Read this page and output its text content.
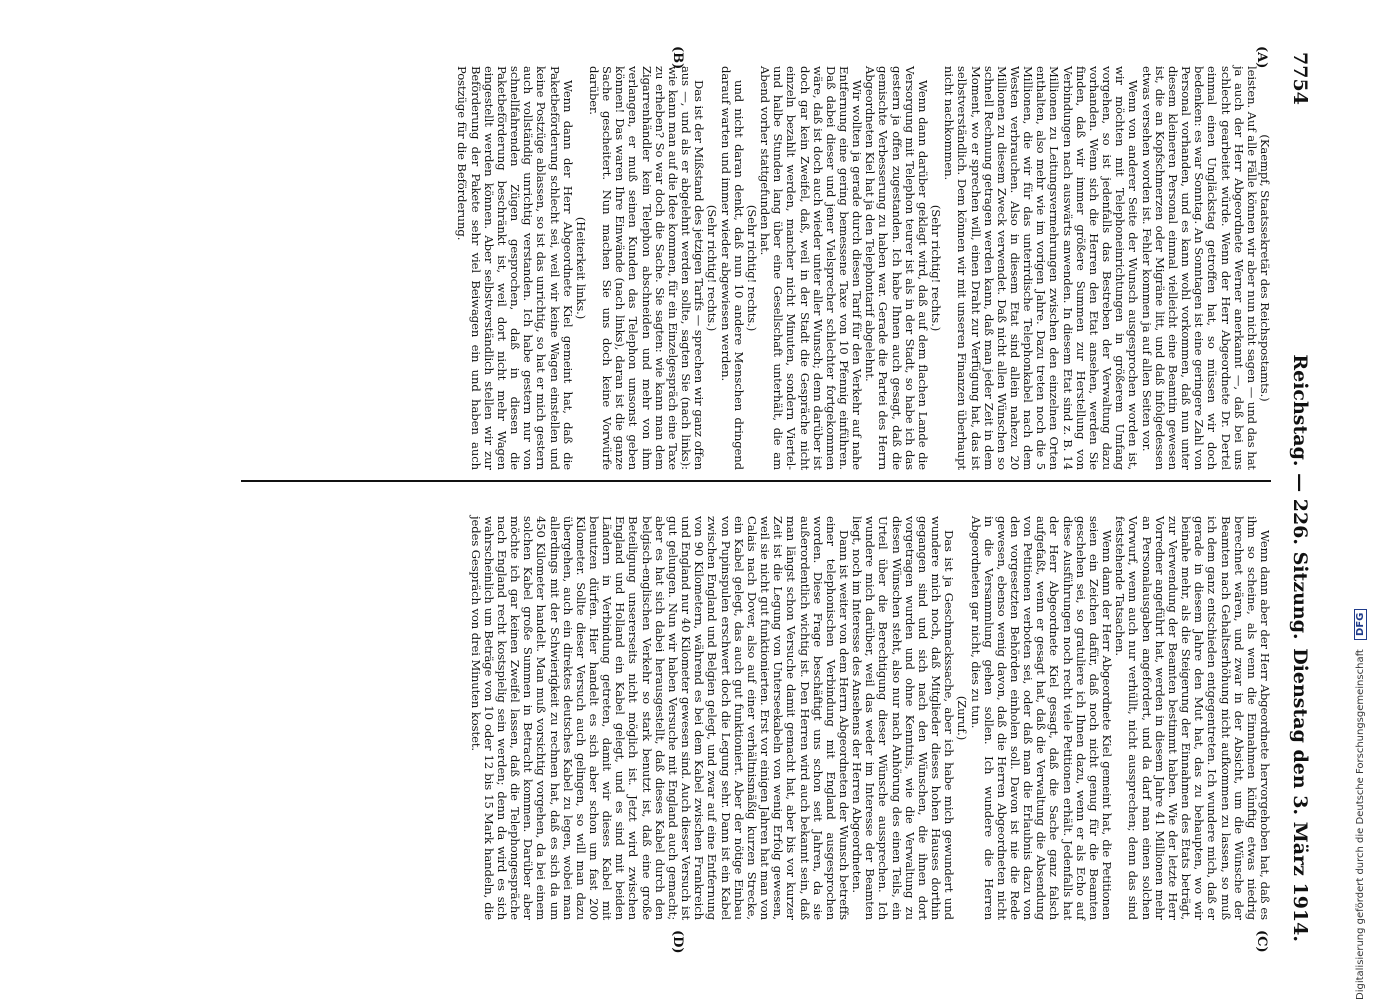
7754
Reichstag. — 226. Sitzung.
Dienstag den 3. März 1914.
(A)
(B)
(C)
(D)

(Kaempf, Staatssekretär des Reichspostamts.)

leisten. Auf alle Fälle können wir aber nun nicht sagen — und das hat ja auch der Herr Abgeordnete Werner anerkannt —, daß bei uns schlecht gearbeitet würde. Wenn der Herr Abgeordnete Dr. Dertel einmal einen Ungläckstag getroffen hat, so müssen wir doch bedenken: es war Sonntag. An Sonntagen ist eine geringere Zahl von Personal vorhanden, und es kann wohl vorkommen, daß nun unter diesem kleineren Personal einmal vielleicht eine Beamtin gewesen ist, die an Kopfschmerzen oder Migräne litt, und daß infolgedessen etwas versehen worden ist. Fehler kommen ja auf allen Seiten vor.

Wenn von anderer Seite der Wunsch ausgesprochen worden ist, wir möchten mit Telephoneinrichtungen in größerem Umfang vorgehen, so ist jedenfalls das Bestreben der Verwaltung dazu vorhanden. Wenn sich die Herren den Etat ansehen, werden Sie finden, daß wir immer größere Summen zur Herstellung von Verbindungen nach auswärts anwenden. In diesem Etat sind z. B. 14 Millionen zu Leitungsvermehrungen zwischen den einzelnen Orten enthalten, also mehr wie im vorigen Jahre. Dazu treten noch die 5 Millionen, die wir für das unterirdische Telephonkabel nach dem Westen verbrauchen. Also in diesem Etat sind allein nahezu 20 Millionen zu diesem Zweck verwendet. Daß nicht allen Wünschen so schnell Rechnung getragen werden kann, daß man jeder Zeit in dem Moment, wo er sprechen will, einen Draht zur Verfügung hat, das ist selbstverständlich. Dem können wir mit unseren Finanzen überhaupt nicht nachkommen.

(Sehr richtig! rechts.)

Wenn dann darüber geklagt wird, daß auf dem flachen Lande die Versorgung mit Telephon teurer ist als in der Stadt, so habe ich das gestern ja offen zugestanden. Ich habe Ihnen auch gesagt, daß die gemischte Verbesserung zu haben war. Gerade die Partei des Herrn Abgeordneten Kiel hat ja den Telephontarif abgelehnt.

Wir wollten ja gerade durch diesen Tarif für den Verkehr auf nahe Entfernung eine gering bemessene Taxe von 10 Pfennig einführen. Daß dabei dieser und jener Vielsprecher schlechter fortgekommen wäre, daß ist doch auch wieder unter aller Wunsch; denn darüber ist doch gar kein Zweifel, daß, weil in der Stadt die Gespräche nicht einzeln bezahlt werden, mancher nicht Minuten, sondern Viertel- und halbe Stunden lang über eine Gesellschaft unterhält, die am Abend vorher stattgefunden hat.

(Sehr richtig! rechts.)

und nicht daran denkt, daß nun 10 andere Menschen dringend darauf warten und immer wieder abgewiesen werden.

(Sehr richtig! rechts.)

Das ist der Mißstand des jetzigen Tarifs — sprechen wir ganz offen aus —, und als er abgelehnt werden sollte, sagten Sie (nach links): wie kann man auf die Idee kommen, für ein Einzelgespräch eine Taxe zu erheben? So war doch die Sache. Sie sagten: wie kann man dem Zigarrenhändler kein Telephon abschneiden und mehr von ihm verlangen, er muß seinen Kunden das Telephon umsonst geben können! Das waren Ihre Einwände (nach links), daran ist die ganze Sache gescheitert. Nun machen Sie uns doch keine Vorwürfe darüber.

(Heiterkeit links.)

Wenn dann der Herr Abgeordnete Kiel gemeint hat, daß die Paketbeförderung schlecht sei, weil wir keine Wagen einstellen und keine Postzüge ablassen, so ist das unrichtig, so hat er mich gestern auch vollständig unrichtig verstanden. Ich habe gestern nur von schnellfahrenden Zügen gesprochen, daß in diesen die Paketbeförderung beschränkt ist, weil dort nicht mehr Wagen eingestellt werden können. Aber selbstverständlich stellen wir zur Beförderung der Pakete sehr viel Beiwagen ein und haben auch Postzüge für die Beförderung.

Wenn dann aber der Herr Abgeordnete hervorgehoben hat, daß es ihm so scheine, als wenn die Einnahmen künftig etwas niedrig berechnet wären, und zwar in der Absicht, um die Wünsche der Beamten nach Gehaltserhöhung nicht aufkommen zu lassen, so muß ich dem ganz entschieden entgegentreten. Ich wundere mich, daß er gerade in diesem Jahre den Mut hat, das zu behaupten, wo wir beinahe mehr, als die Steigerung der Einnahmen des Etats beträgt, zur Verwendung der Beamten bestimmt haben. Wie der letzte Herr Vorredner angeführt hat, werden in diesem Jahre 41 Millionen mehr an Personalausgaben angefordert, und da darf man einen solchen Vorwurf, wenn auch nur verhüllt, nicht aussprechen; denn das sind feststehende Tatsachen.

Wenn dann der Herr Abgeordnete Kiel gemeint hat, die Petitionen seien ein Zeichen dafür, daß noch nicht genug für die Beamten geschehen sei, so gratuliere ich Ihnen dazu, wenn er als Echo auf diese Ausführungen noch recht viele Petitionen erhält. Jedenfalls hat der Herr Abgeordnete Kiel gesagt, daß die Sache ganz falsch aufgefaßt, wenn er gesagt hat, daß die Verwaltung die Absendung von Petitionen verboten sei, oder daß man die Erlaubnis dazu von den vorgesetzten Behörden einholen soll. Davon ist nie die Rede gewesen, ebenso wenig davon, daß die Herren Abgeordneten nicht in die Versammlung gehen sollen. Ich wundere die Herren Abgeordneten gar nicht, dies zu tun.

(Zuruf.)

Das ist ja Geschmackssache, aber ich habe mich gewundert und wundere mich noch, daß Mitglieder dieses hohen Hauses dorthin gegangen sind und sich nach den Wünschen, die ihnen dort vorgetragen wurden und ohne Kenntnis, wie die Verwaltung zu diesen Wünschen steht, also nur nach Anhörung des einen Teils, ein Urteil über die Berechtigung dieser Wünsche aussprechen. Ich wundere mich darüber, weil das weder im Interesse der Beamten liegt, noch im Interesse des Ansehens der Herren Abgeordneten.

Dann ist weiter von dem Herrn Abgeordneten der Wunsch betreffs einer telephonischen Verbindung mit England ausgesprochen worden. Diese Frage beschäftigt uns schon seit Jahren, da sie außerordentlich wichtig ist. Den Herren wird auch bekannt sein, daß man längst schon Versuche damit gemacht hat, aber bis vor kurzer Zeit ist die Legung von Unterseekabeln von wenig Erfolg gewesen, weil sie nicht gut funktionierten. Erst vor einigen Jahren hat man von Calais nach Dover, also auf einer verhältnismäßig kurzen Strecke, ein Kabel gelegt, das auch gut funktioniert. Aber der nötige Einbau von Pupinspulen erschwert doch die Legung sehr. Dann ist ein Kabel zwischen England und Belgien gelegt, und zwar auf eine Entfernung von 90 Kilometern, während es bei dem Kabel zwischen Frankreich und England nur 40 Kilometer gewesen sind. Auch dieser Versuch ist gut gelungen. Nun wir haben Versuche mit England auch gemacht; aber es hat sich dabei herausgestellt, daß dieses Kabel durch den belgisch-englischen Verkehr so stark benutzt ist, daß eine große Beteiligung unsererseits nicht möglich ist. Jetzt wird zwischen England und Holland ein Kabel gelegt, und es sind mit beiden Ländern in Verbindung getreten, damit wir dieses Kabel mit benutzen dürfen. Hier handelt es sich aber schon um fast 200 Kilometer. Sollte dieser Versuch auch gelingen, so will man dazu übergehen, auch ein direktes deutsches Kabel zu legen, wobei man allerdings mit der Schwierigkeit zu rechnen hat, daß es sich da um 450 Kilometer handelt. Man muß vorsichtig vorgehen, da bei einem solchen Kabel große Summen in Betracht kommen. Darüber aber möchte ich gar keinen Zweifel lassen, daß die Telephongespräche nach England recht kostspielig sein werden; denn da wird es sich wahrscheinlich um Beträge von 10 oder 12 bis 15 Mark handeln, die jedes Gespräch von drei Minuten kostet.

Digitalisierung gefördert durch die Deutsche Forschungsgemeinschaft DFG
